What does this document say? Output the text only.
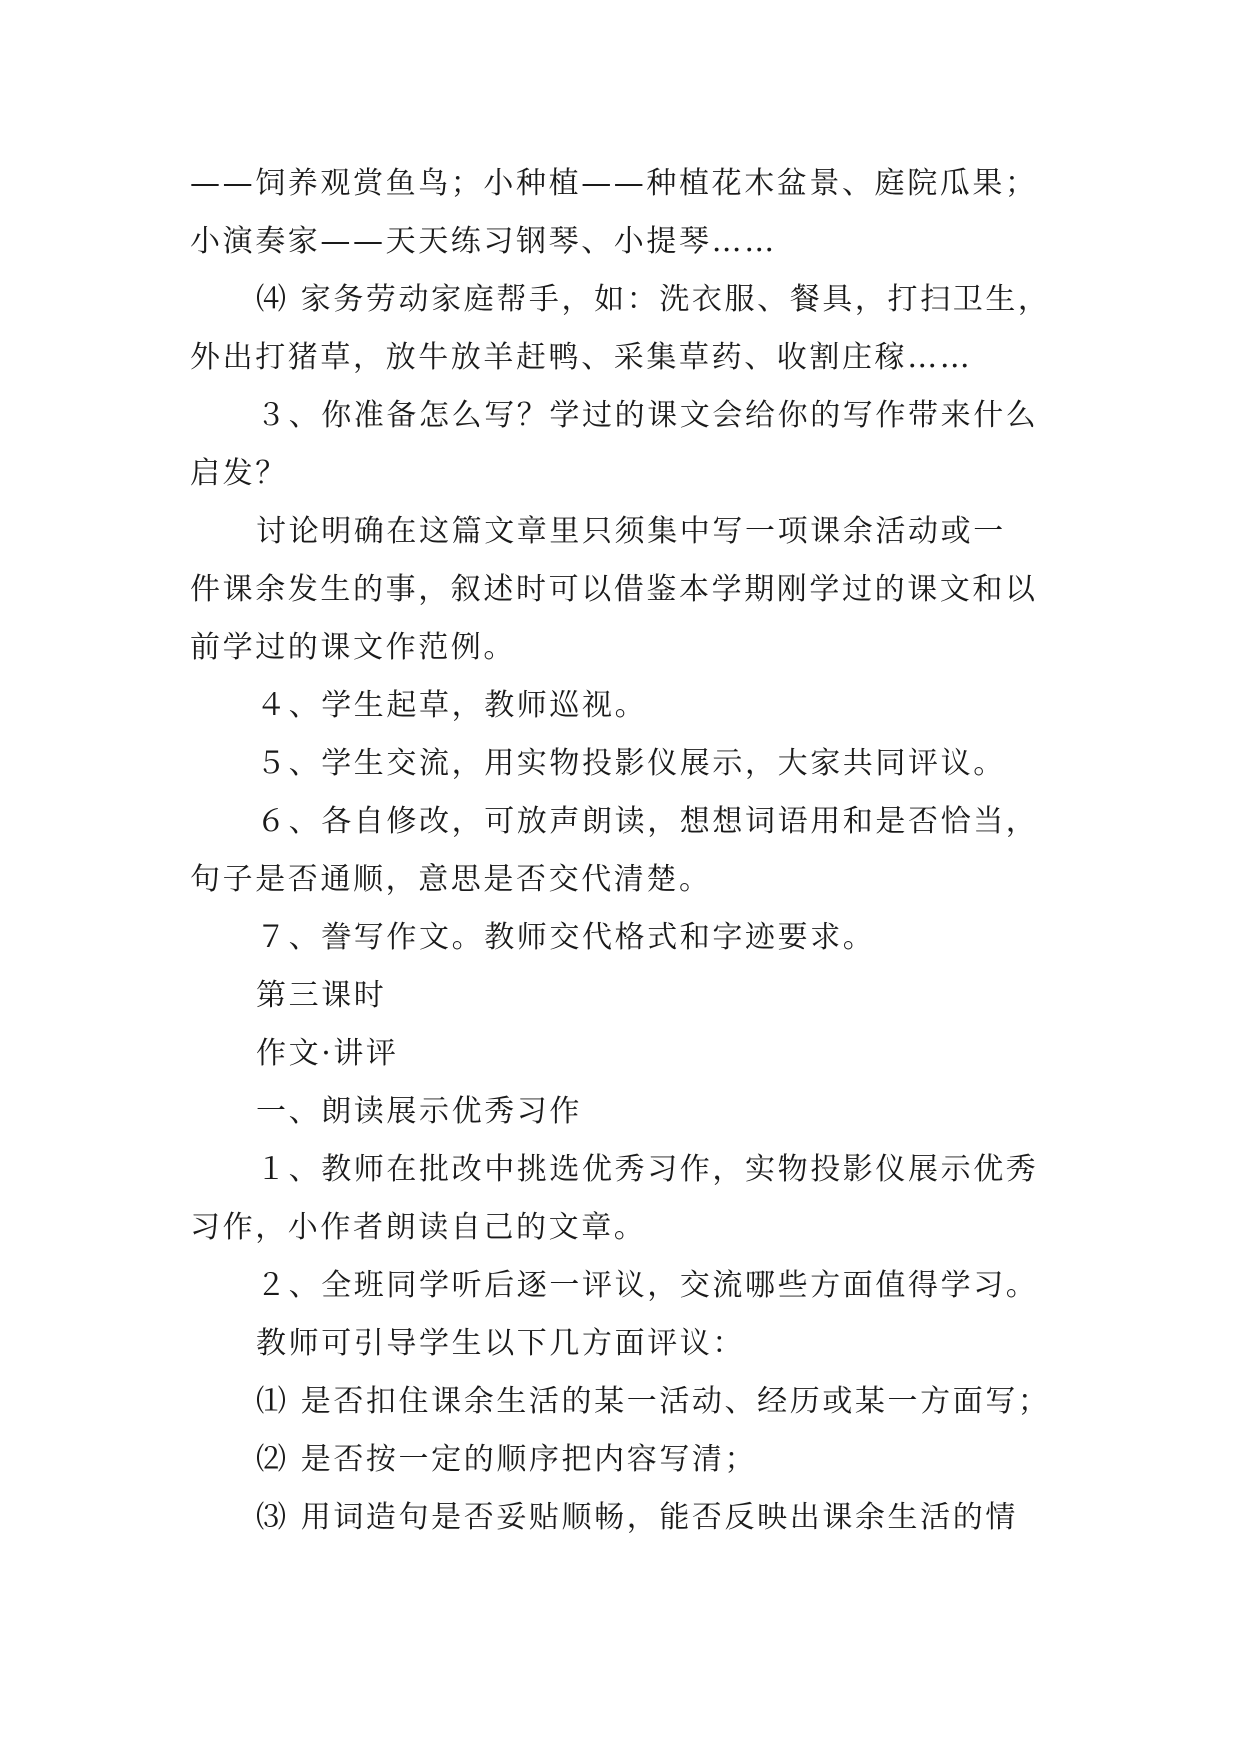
——饲养观赏鱼鸟；小种植——种植花木盆景、庭院瓜果；
小演奏家——天天练习钢琴、小提琴……
⑷ 家务劳动家庭帮手，如：洗衣服、餐具，打扫卫生，
外出打猪草，放牛放羊赶鸭、采集草药、收割庄稼……
３、你准备怎么写？学过的课文会给你的写作带来什么
启发？
讨论明确在这篇文章里只须集中写一项课余活动或一
件课余发生的事，叙述时可以借鉴本学期刚学过的课文和以
前学过的课文作范例。
４、学生起草，教师巡视。
５、学生交流，用实物投影仪展示，大家共同评议。
６、各自修改，可放声朗读，想想词语用和是否恰当，
句子是否通顺，意思是否交代清楚。
７、誊写作文。教师交代格式和字迹要求。
第三课时
作文·讲评
一、朗读展示优秀习作
１、教师在批改中挑选优秀习作，实物投影仪展示优秀
习作，小作者朗读自己的文章。
２、全班同学听后逐一评议，交流哪些方面值得学习。
教师可引导学生以下几方面评议：
⑴ 是否扣住课余生活的某一活动、经历或某一方面写；
⑵ 是否按一定的顺序把内容写清；
⑶ 用词造句是否妥贴顺畅，能否反映出课余生活的情
